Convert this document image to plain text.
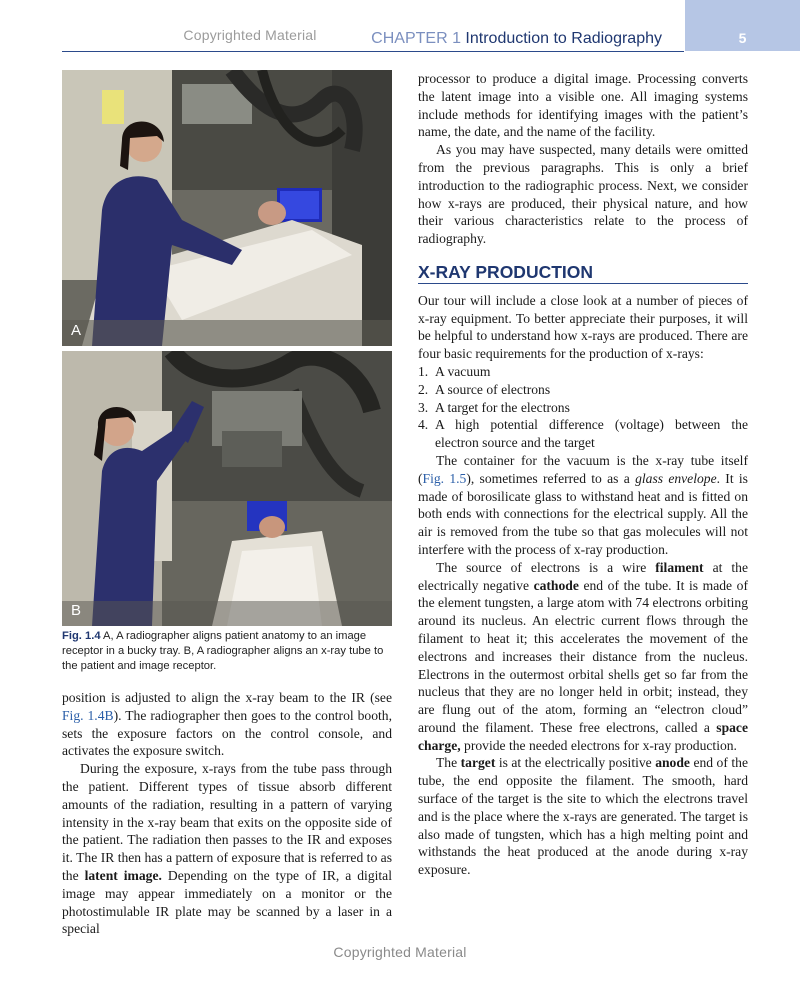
CHAPTER 1 Introduction to Radiography	5
Copyrighted Material
A
B
Fig. 1.4 A, A radiographer aligns patient anatomy to an image receptor in a bucky tray. B, A radiographer aligns an x-ray tube to the patient and image receptor.

position is adjusted to align the x-ray beam to the IR (see Fig. 1.4B). The radiographer then goes to the control booth, sets the exposure factors on the control console, and activates the exposure switch.

During the exposure, x-rays from the tube pass through the patient. Different types of tissue absorb different amounts of the radiation, resulting in a pattern of varying intensity in the x-ray beam that exits on the opposite side of the patient. The radiation then passes to the IR and exposes it. The IR then has a pattern of exposure that is referred to as the latent image. Depending on the type of IR, a digital image may appear immediately on a monitor or the photostimulable IR plate may be scanned by a laser in a special

processor to produce a digital image. Processing converts the latent image into a visible one. All imaging systems include methods for identifying images with the patient’s name, the date, and the name of the facility.

As you may have suspected, many details were omitted from the previous paragraphs. This is only a brief introduction to the radiographic process. Next, we consider how x-rays are produced, their physical nature, and how their various characteristics relate to the process of radiography.

X-RAY PRODUCTION

Our tour will include a close look at a number of pieces of x-ray equipment. To better appreciate their purposes, it will be helpful to understand how x-rays are produced. There are four basic requirements for the production of x-rays:

1. A vacuum
2. A source of electrons
3. A target for the electrons
4. A high potential difference (voltage) between the electron source and the target

The container for the vacuum is the x-ray tube itself (Fig. 1.5), sometimes referred to as a glass envelope. It is made of borosilicate glass to withstand heat and is fitted on both ends with connections for the electrical supply. All the air is removed from the tube so that gas molecules will not interfere with the process of x-ray production.

The source of electrons is a wire filament at the electrically negative cathode end of the tube. It is made of the element tungsten, a large atom with 74 electrons orbiting around its nucleus. An electric current flows through the filament to heat it; this accelerates the movement of the electrons and increases their distance from the nucleus. Electrons in the outermost orbital shells get so far from the nucleus that they are no longer held in orbit; instead, they are flung out of the atom, forming an “electron cloud” around the filament. These free electrons, called a space charge, provide the needed electrons for x-ray production.

The target is at the electrically positive anode end of the tube, the end opposite the filament. The smooth, hard surface of the target is the site to which the electrons travel and is the place where the x-rays are generated. The target is also made of tungsten, which has a high melting point and withstands the heat produced at the anode during x-ray exposure.

Copyrighted Material
